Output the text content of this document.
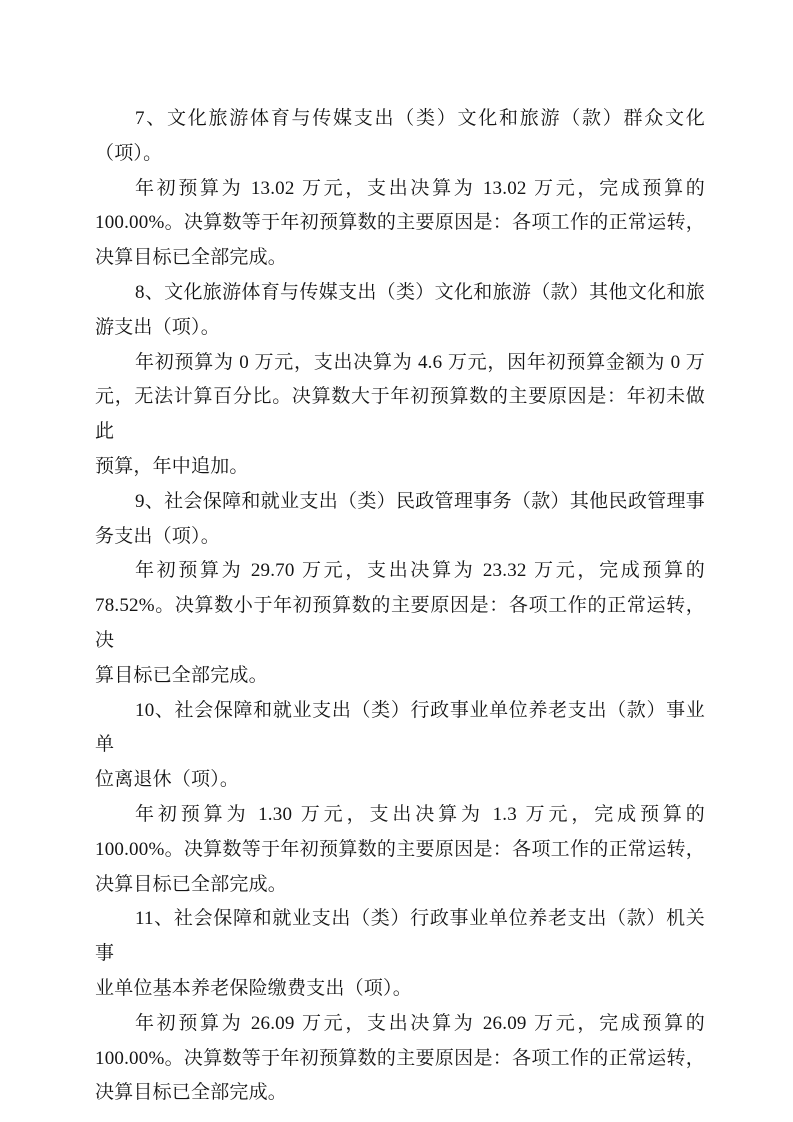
7、文化旅游体育与传媒支出（类）文化和旅游（款）群众文化
（项）。
年初预算为 13.02 万元，支出决算为 13.02 万元，完成预算的
100.00%。决算数等于年初预算数的主要原因是：各项工作的正常运转，
决算目标已全部完成。
8、文化旅游体育与传媒支出（类）文化和旅游（款）其他文化和旅
游支出（项）。
年初预算为 0 万元，支出决算为 4.6 万元，因年初预算金额为 0 万
元，无法计算百分比。决算数大于年初预算数的主要原因是：年初未做此
预算，年中追加。
9、社会保障和就业支出（类）民政管理事务（款）其他民政管理事
务支出（项）。
年初预算为 29.70 万元，支出决算为 23.32 万元，完成预算的
78.52%。决算数小于年初预算数的主要原因是：各项工作的正常运转，决
算目标已全部完成。
10、社会保障和就业支出（类）行政事业单位养老支出（款）事业单
位离退休（项）。
年初预算为 1.30 万元，支出决算为 1.3 万元，完成预算的
100.00%。决算数等于年初预算数的主要原因是：各项工作的正常运转，
决算目标已全部完成。
11、社会保障和就业支出（类）行政事业单位养老支出（款）机关事
业单位基本养老保险缴费支出（项）。
年初预算为 26.09 万元，支出决算为 26.09 万元，完成预算的
100.00%。决算数等于年初预算数的主要原因是：各项工作的正常运转，
决算目标已全部完成。
